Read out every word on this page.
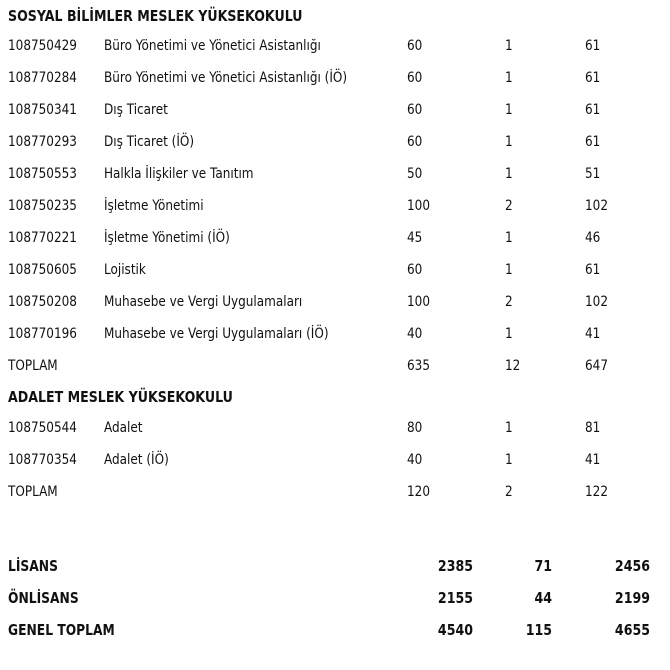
SOSYAL BİLİMLER MESLEK YÜKSEKOKULU
108750429 Büro Yönetimi ve Yönetici Asistanlığı	60	1	61
108770284 Büro Yönetimi ve Yönetici Asistanlığı (İÖ)	60	1	61
108750341 Dış Ticaret	60	1	61
108770293 Dış Ticaret (İÖ)	60	1	61
108750553 Halkla İlişkiler ve Tanıtım	50	1	51
108750235 İşletme Yönetimi	100	2	102
108770221 İşletme Yönetimi (İÖ)	45	1	46
108750605 Lojistik	60	1	61
108750208 Muhasebe ve Vergi Uygulamaları	100	2	102
108770196 Muhasebe ve Vergi Uygulamaları (İÖ)	40	1	41
TOPLAM	635	12	647
ADALET MESLEK YÜKSEKOKULU
108750544 Adalet	80	1	81
108770354 Adalet (İÖ)	40	1	41
TOPLAM	120	2	122
LİSANS	2385	71	2456
ÖNLİSANS	2155	44	2199
GENEL TOPLAM	4540	115	4655
